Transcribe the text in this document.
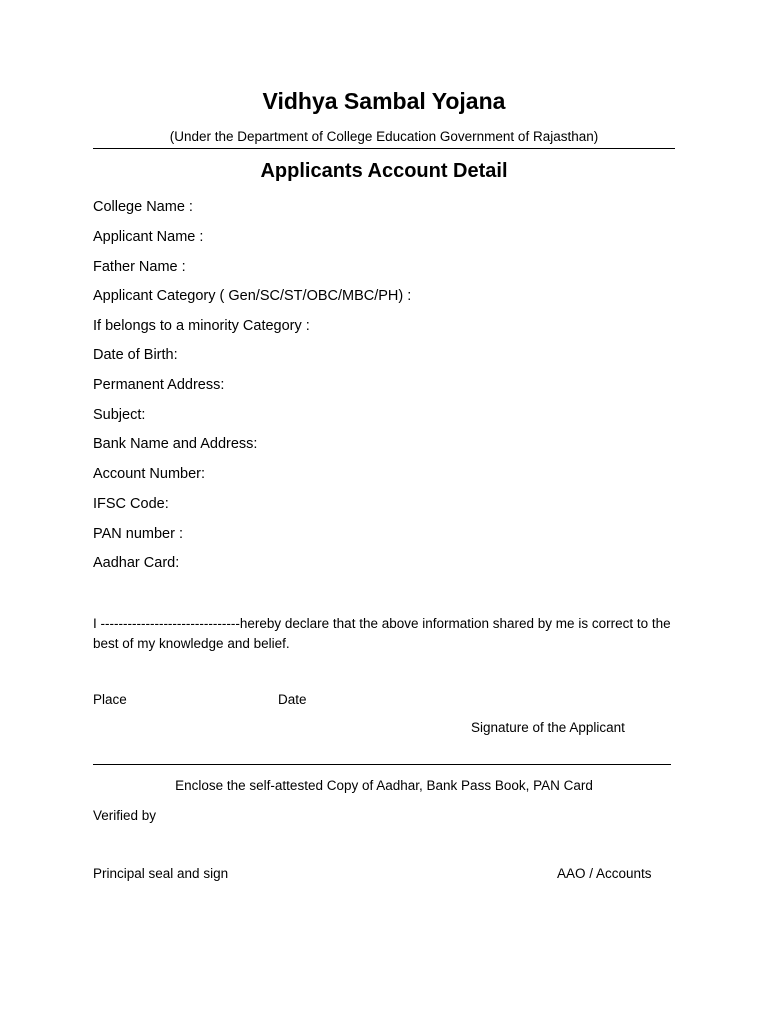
Vidhya Sambal Yojana
(Under the Department of College Education Government of Rajasthan)
Applicants Account Detail
College Name :
Applicant Name :
Father Name :
Applicant Category ( Gen/SC/ST/OBC/MBC/PH) :
If belongs to a minority Category :
Date of Birth:
Permanent Address:
Subject:
Bank Name and Address:
Account Number:
IFSC Code:
PAN number :
Aadhar Card:
I -------------------------------hereby declare that the above information shared by me is correct to the best of my knowledge and belief.
Place	Date
Signature of the Applicant
Enclose the self-attested Copy of Aadhar, Bank Pass Book, PAN Card
Verified by
Principal seal and sign	AAO / Accounts
